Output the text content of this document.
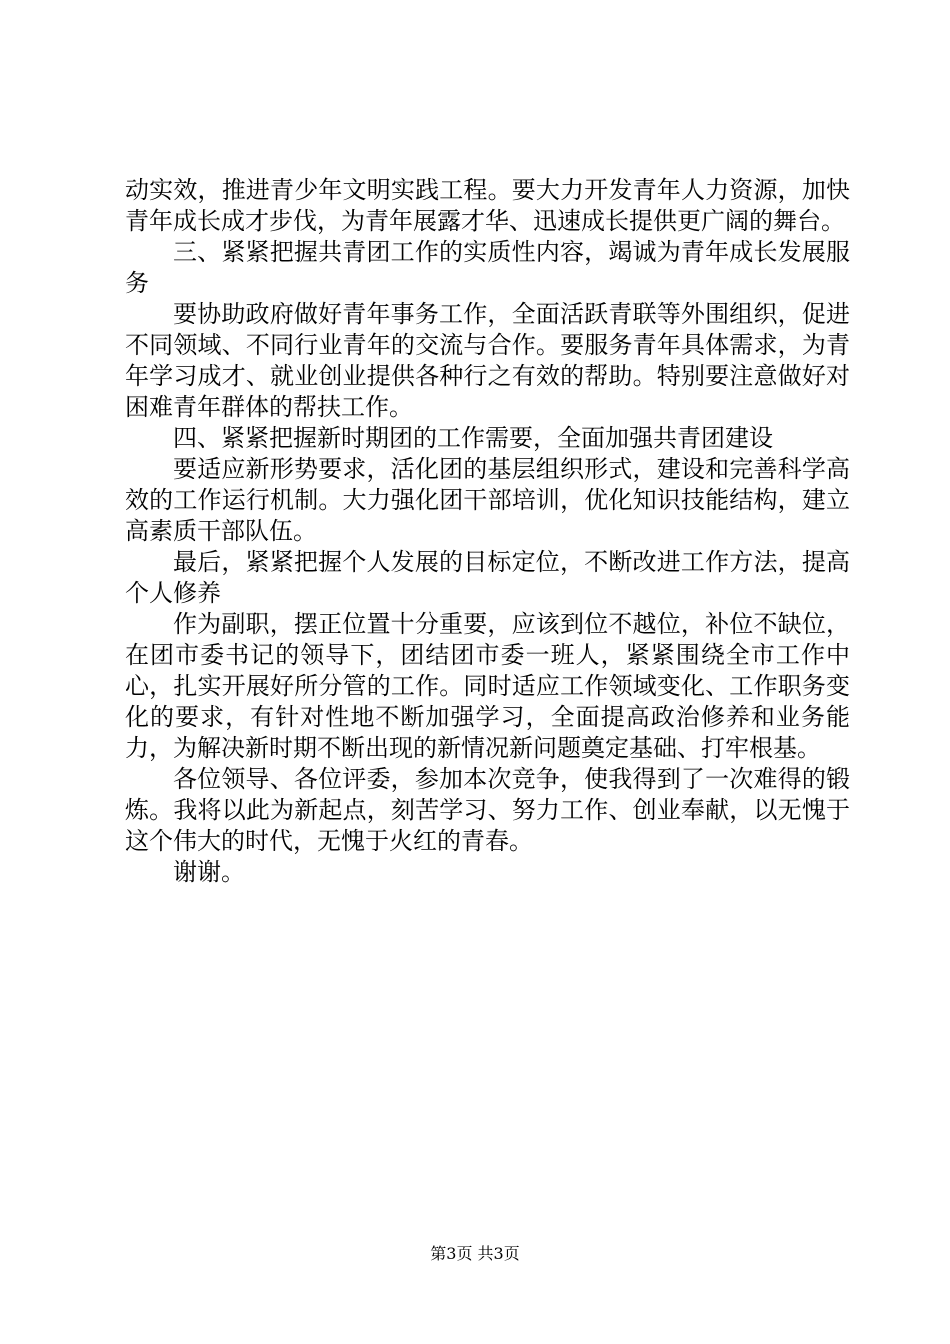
动实效，推进青少年文明实践工程。要大力开发青年人力资源，加快青年成长成才步伐，为青年展露才华、迅速成长提供更广阔的舞台。

三、紧紧把握共青团工作的实质性内容，竭诚为青年成长发展服务

要协助政府做好青年事务工作，全面活跃青联等外围组织，促进不同领域、不同行业青年的交流与合作。要服务青年具体需求，为青年学习成才、就业创业提供各种行之有效的帮助。特别要注意做好对困难青年群体的帮扶工作。

四、紧紧把握新时期团的工作需要，全面加强共青团建设

要适应新形势要求，活化团的基层组织形式，建设和完善科学高效的工作运行机制。大力强化团干部培训，优化知识技能结构，建立高素质干部队伍。

最后，紧紧把握个人发展的目标定位，不断改进工作方法，提高个人修养

作为副职，摆正位置十分重要，应该到位不越位，补位不缺位，在团市委书记的领导下，团结团市委一班人，紧紧围绕全市工作中心，扎实开展好所分管的工作。同时适应工作领域变化、工作职务变化的要求，有针对性地不断加强学习，全面提高政治修养和业务能力，为解决新时期不断出现的新情况新问题奠定基础、打牢根基。

各位领导、各位评委，参加本次竞争，使我得到了一次难得的锻炼。我将以此为新起点，刻苦学习、努力工作、创业奉献，以无愧于这个伟大的时代，无愧于火红的青春。

谢谢。

第3页 共3页
